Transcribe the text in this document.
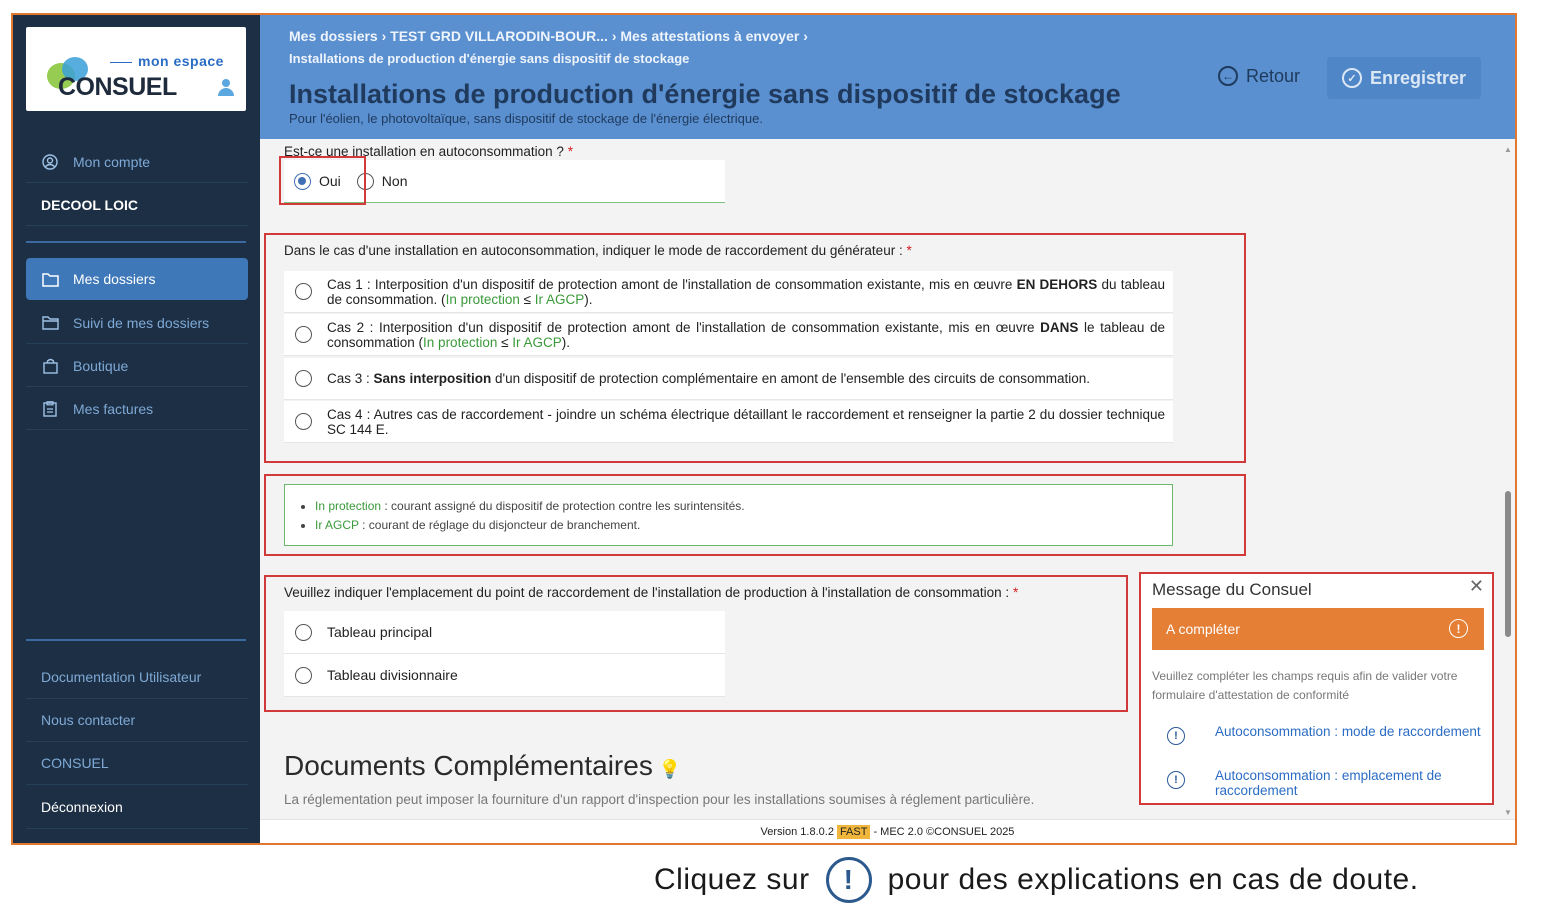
mon espace
CONSUEL
Mon compte
DECOOL LOIC
Mes dossiers
Suivi de mes dossiers
Boutique
Mes factures
Documentation Utilisateur
Nous contacter
CONSUEL
Déconnexion
Mes dossiers › TEST GRD VILLARODIN-BOUR... › Mes attestations à envoyer ›
Installations de production d'énergie sans dispositif de stockage
Installations de production d'énergie sans dispositif de stockage
Pour l'éolien, le photovoltaïque, sans dispositif de stockage de l'énergie électrique.
← Retour	✓ Enregistrer
Est-ce une installation en autoconsommation ? *
Oui	Non
Dans le cas d'une installation en autoconsommation, indiquer le mode de raccordement du générateur : *
Cas 1 : Interposition d'un dispositif de protection amont de l'installation de consommation existante, mis en œuvre EN DEHORS du tableau de consommation. (In protection ≤ Ir AGCP).
Cas 2 : Interposition d'un dispositif de protection amont de l'installation de consommation existante, mis en œuvre DANS le tableau de consommation (In protection ≤ Ir AGCP).
Cas 3 : Sans interposition d'un dispositif de protection complémentaire en amont de l'ensemble des circuits de consommation.
Cas 4 : Autres cas de raccordement - joindre un schéma électrique détaillant le raccordement et renseigner la partie 2 du dossier technique SC 144 E.
• In protection : courant assigné du dispositif de protection contre les surintensités.
• Ir AGCP : courant de réglage du disjoncteur de branchement.
Veuillez indiquer l'emplacement du point de raccordement de l'installation de production à l'installation de consommation : *
Tableau principal
Tableau divisionnaire
Documents Complémentaires 💡
La réglementation peut imposer la fourniture d'un rapport d'inspection pour les installations soumises à réglement particulière.
▲
▼
Version 1.8.0.2 FAST - MEC 2.0 ©CONSUEL 2025
Message du Consuel	✕
A compléter	!
Veuillez compléter les champs requis afin de valider votre formulaire d'attestation de conformité
!	Autoconsommation : mode de raccordement
!	Autoconsommation : emplacement de raccordement
Cliquez sur	!	pour des explications en cas de doute.
